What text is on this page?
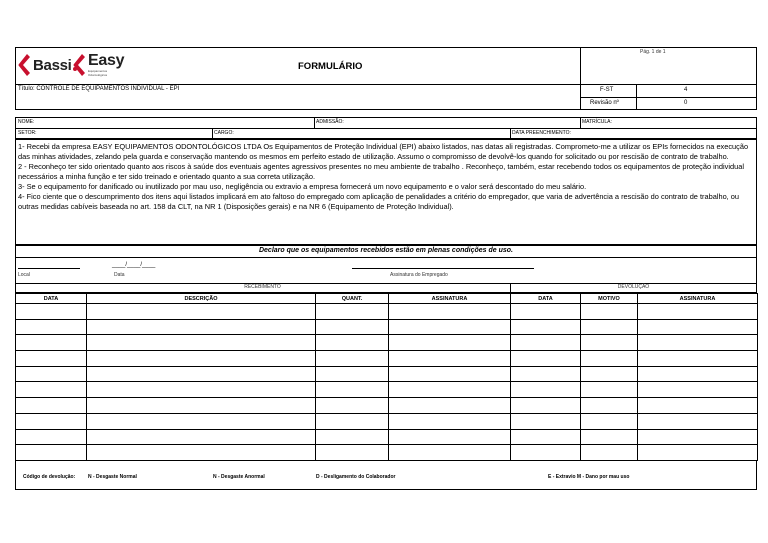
Bassi Easy
Equipamentos Odontológicos
FORMULÁRIO
Pág. 1 de 1
Título: CONTROLE DE EQUIPAMENTOS INDIVIDUAL - EPI	F-ST	4
Revisão nº	0
NOME:	ADMISSÃO:	MATRÍCULA:
SETOR:	CARGO:	DATA PREENCHIMENTO:

1- Recebi da empresa EASY EQUIPAMENTOS ODONTOLÓGICOS LTDA Os Equipamentos de Proteção Individual (EPI) abaixo listados, nas datas ali registradas. Comprometo-me a utilizar os EPIs fornecidos na execução das minhas atividades, zelando pela guarda e conservação mantendo os mesmos em perfeito estado de utilização. Assumo o compromisso de devolvê-los quando for solicitado ou por rescisão de contrato de trabalho.

2 - Reconheço ter sido orientado quanto aos riscos à saúde dos eventuais agentes agressivos presentes no meu ambiente de trabalho . Reconheço, também, estar recebendo todos os equipamentos de proteção individual necessários a minha função e ter sido treinado e orientado quanto a sua correta utilização.

3- Se o equipamento for danificado ou inutilizado por mau uso, negligência ou extravio a empresa fornecerá um novo equipamento e o valor será descontado do meu salário.

4- Fico ciente que o descumprimento dos itens aqui listados implicará em ato faltoso do empregado com aplicação de penalidades a critério do empregador, que varia de advertência a rescisão do contrato de trabalho, ou outras medidas cabíveis baseada no art. 158 da CLT, na NR 1 (Disposições gerais) e na NR 6 (Equipamento de Proteção Individual).

Declaro que os equipamentos recebidos estão em plenas condições de uso.
____/____/____
Local	Data	Assinatura do Empregado
RECEBIMENTO	DEVOLUÇÃO
DATA	DESCRIÇÃO	QUANT.	ASSINATURA	DATA	MOTIVO	ASSINATURA

Código de devolução:	N - Desgaste Normal	N - Desgaste Anormal	D - Desligamento do Colaborador	E - Extravio M - Dano por mau uso
